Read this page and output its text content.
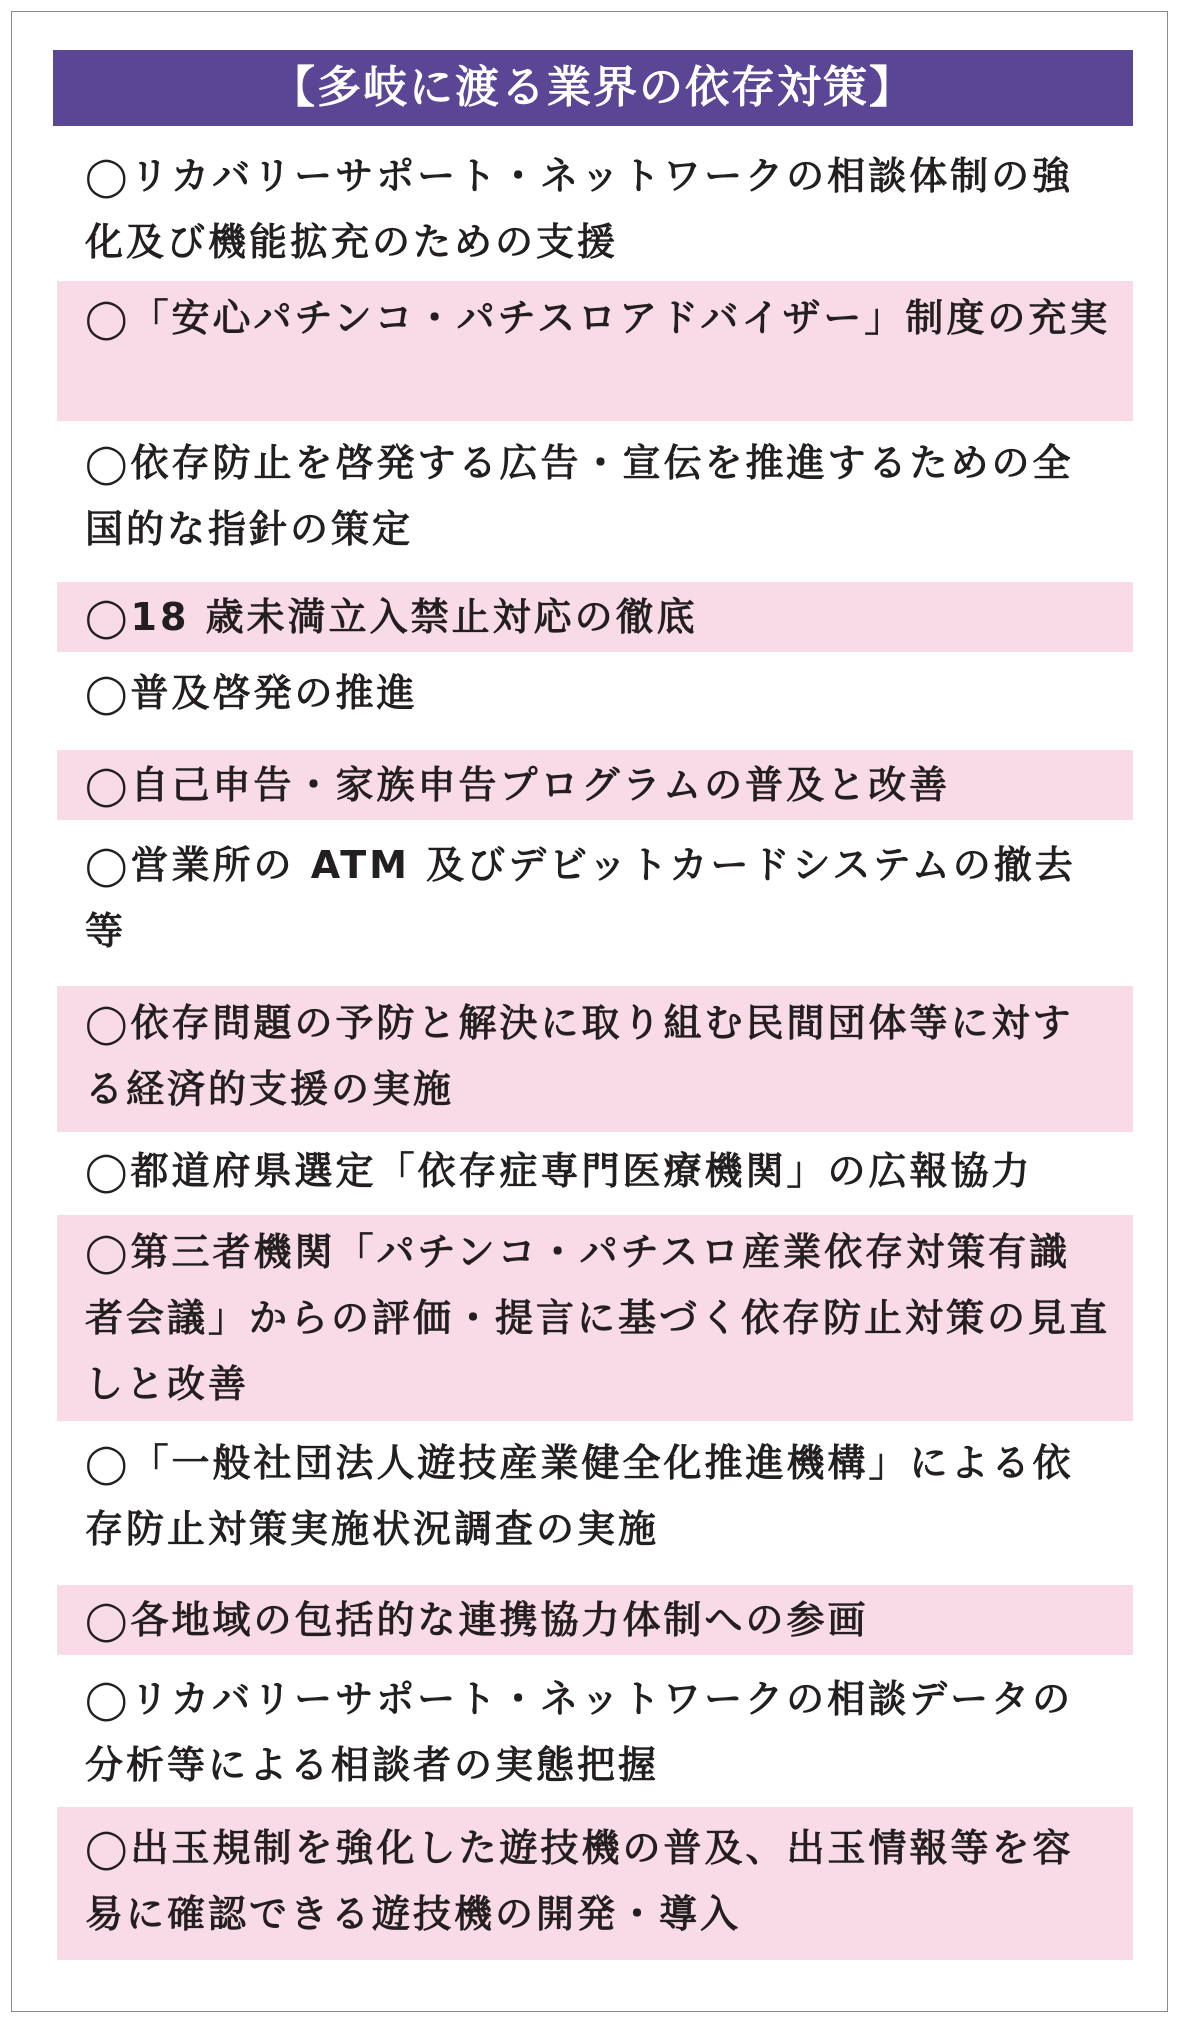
【多岐に渡る業界の依存対策】
◯リカバリーサポート・ネットワークの相談体制の強化及び機能拡充のための支援
◯「安心パチンコ・パチスロアドバイザー」制度の充実
◯依存防止を啓発する広告・宣伝を推進するための全国的な指針の策定
◯18 歳未満立入禁止対応の徹底
◯普及啓発の推進
◯自己申告・家族申告プログラムの普及と改善
◯営業所の ATM 及びデビットカードシステムの撤去等
◯依存問題の予防と解決に取り組む民間団体等に対する経済的支援の実施
◯都道府県選定「依存症専門医療機関」の広報協力
◯第三者機関「パチンコ・パチスロ産業依存対策有識者会議」からの評価・提言に基づく依存防止対策の見直しと改善
◯「一般社団法人遊技産業健全化推進機構」による依存防止対策実施状況調査の実施
◯各地域の包括的な連携協力体制への参画
◯リカバリーサポート・ネットワークの相談データの分析等による相談者の実態把握
◯出玉規制を強化した遊技機の普及、出玉情報等を容易に確認できる遊技機の開発・導入
